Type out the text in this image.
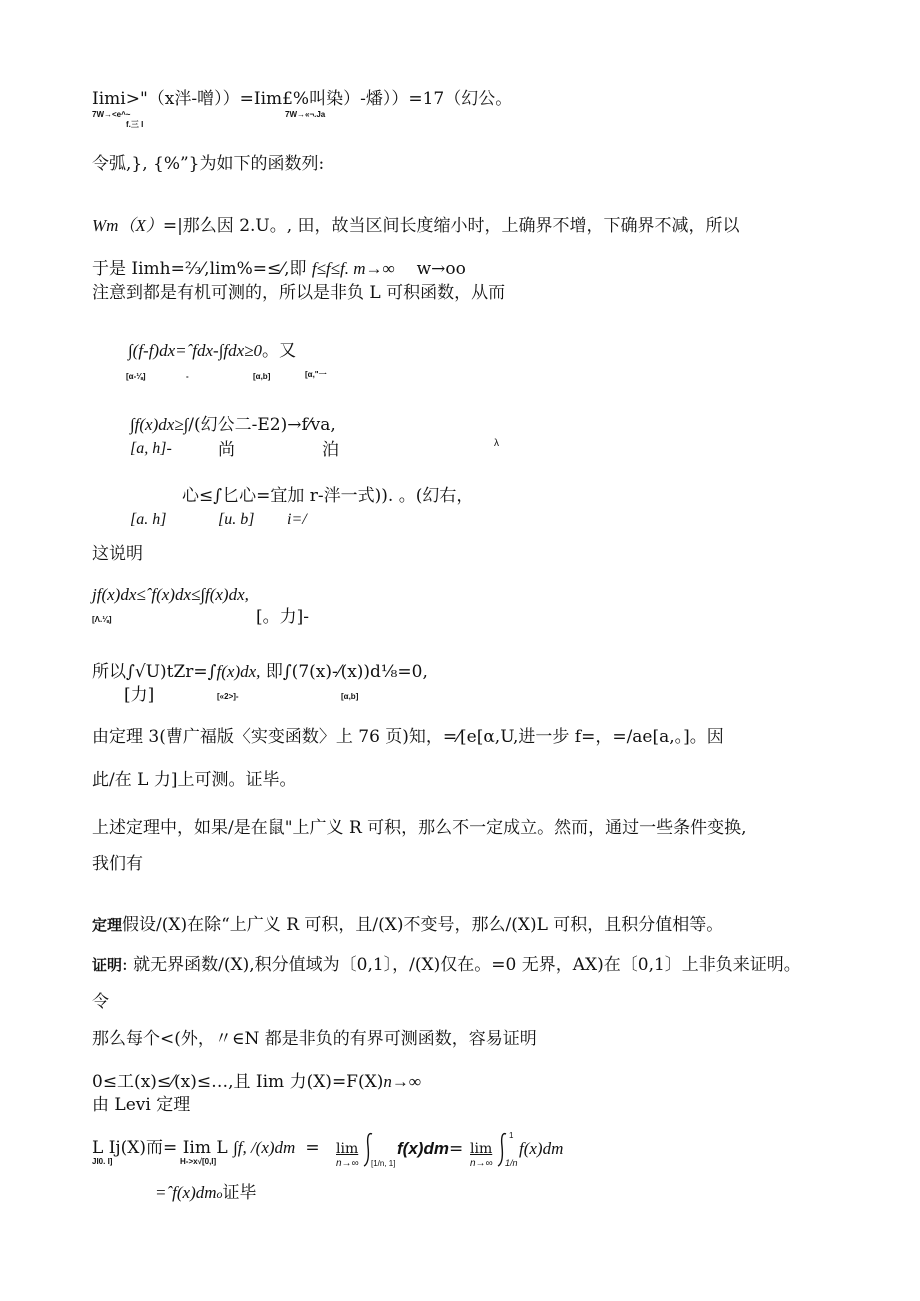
Iimi>"（x泮-噌））=Iim£%叫染）-燔））=17（幻公。
7W→<e^~
f.三 I
7W→«¬.Ja
令弧,}, {%”}为如下的函数列:
Wm（X）=|那么因 2.U。, 田，故当区间长度缩小时，上确界不增，下确界不减，所以
于是 Iimh=⅔⁄,lim%=≤⁄,即 f≤f≤f. m→∞ w→oo
注意到都是有机可测的，所以是非负 L 可积函数，从而
∫(f-f)dx=ˆfdx-∫fdx≥0。又
[α-⅛]	-	[α,b]	[α,"一
∫f(x)dx≥∫/(幻公二-E2)→f⁄va,
[a, h]-	尚	泊	λ
心≤∫匕心=宜加 r-泮一式)). 。(幻右，
[a. h]	[u. b] i=/
这说明
jf(x)dx≤ˆf(x)dx≤∫f(x)dx,
[Λ.⅛]	[。力]-
所以∫√U)tZr=∫f(x)dx, 即∫(7(x)-⁄(x))d⅛=0,
[力]	[«2>]-	[α,b]
由定理 3(曹广福版〈实变函数〉上 76 页)知，=⁄[e[α,U,进一步 f=，=/ae[a,。]。因
此/在 L 力]上可测。证毕。
上述定理中，如果/是在鼠"上广义 R 可积，那么不一定成立。然而，通过一些条件变换,
我们有
定理假设/(X)在除“上广义 R 可积，且/(X)不变号，那么/(X)L 可积，且积分值相等。
证明: 就无界函数/(X),积分值域为〔0,1〕，/(X)仅在。=0 无界，AX)在〔0,1〕上非负来证明。
令
那么每个<(外，〃∈N 都是非负的有界可测函数，容易证明
0≤工(x)≤⁄(x)≤…,且 Iim 力(X)=F(X)n→∞
由 Levi 定理
L Ij(X)而= Iim L ∫f, /(x)dm =
JI0. I]	H->x√[0,I]
lim
n→∞ [1/n, 1]
f(x)dm= lim
n→∞
1
1/n
f(x)dm
=ˆf(x)dmo证毕
